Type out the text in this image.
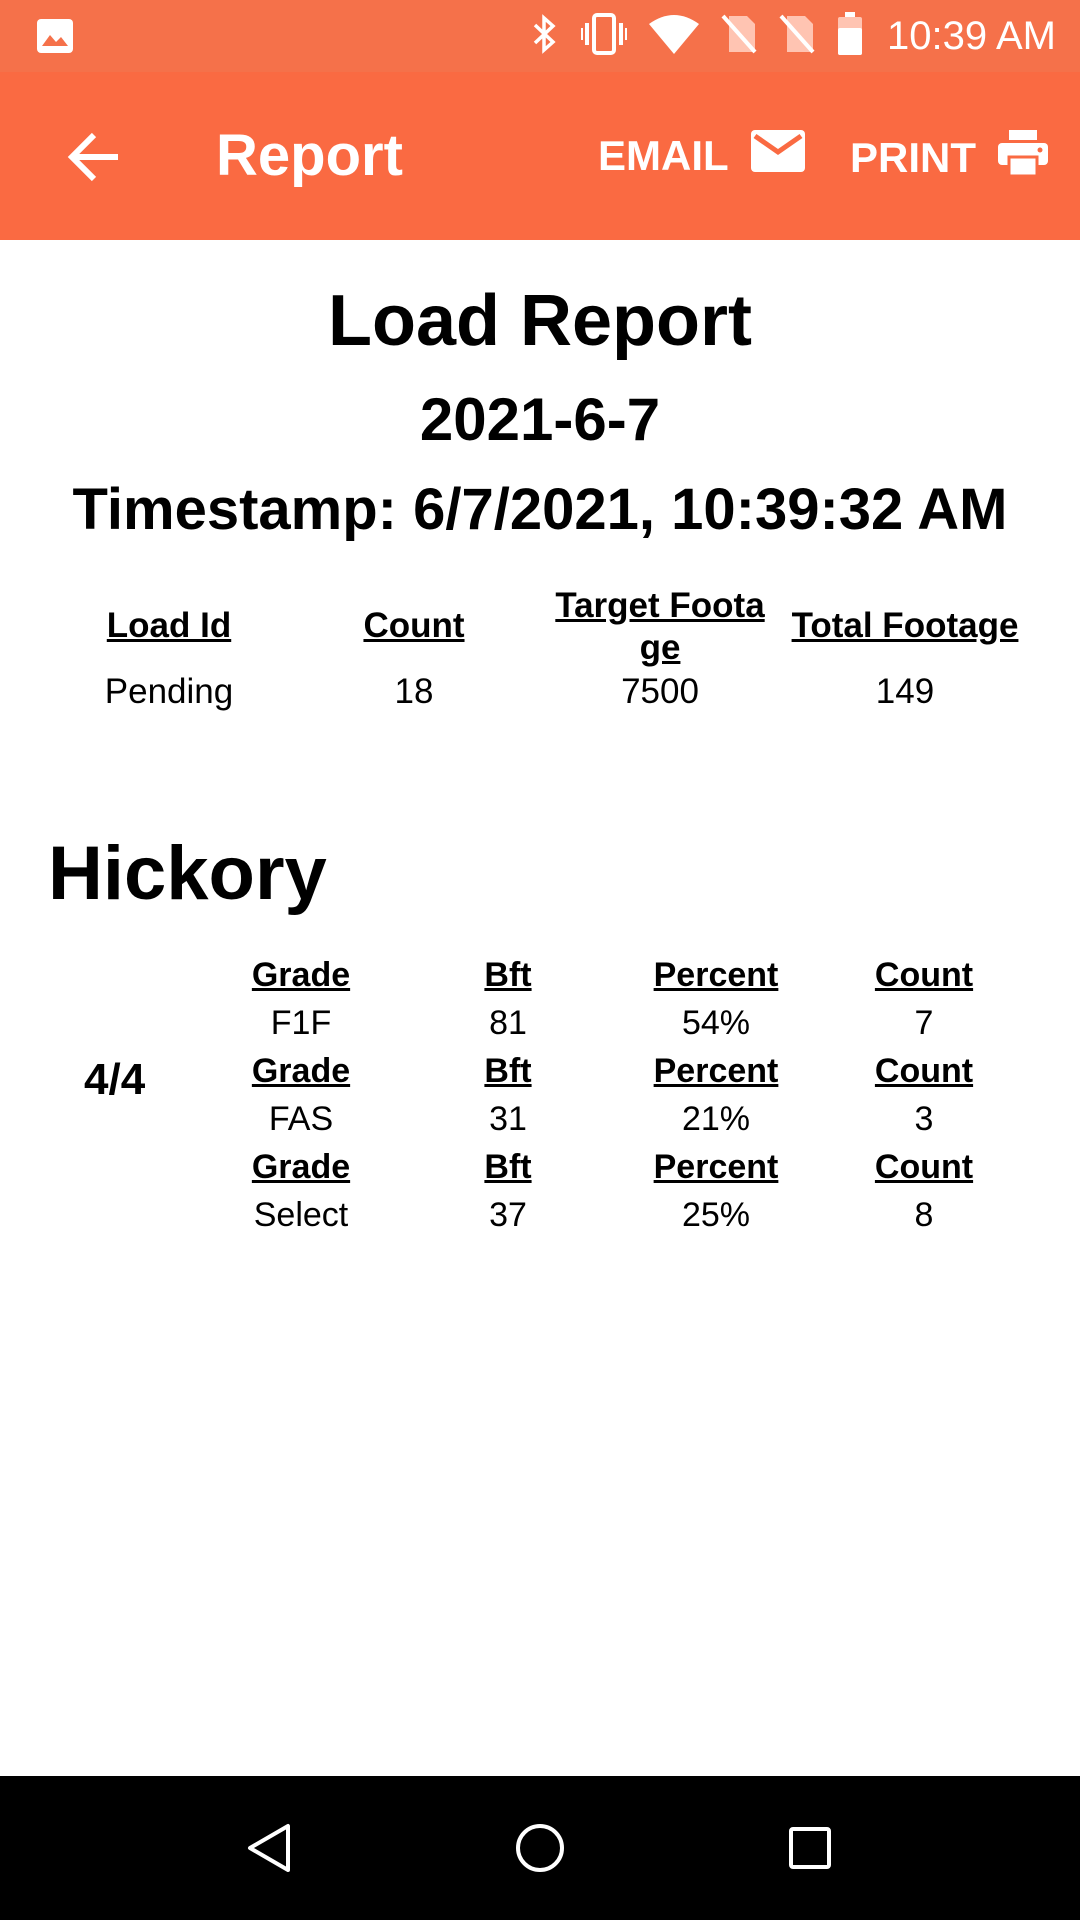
10:39 AM
Report	EMAIL	PRINT
Load Report
2021-6-7
Timestamp: 6/7/2021, 10:39:32 AM
Load Id
Pending
Count
18
Target Footage
7500
Total Footage
149
Hickory
4/4
Grade
F1F
Bft
81
Percent
54%
Count
7
Grade
FAS
Bft
31
Percent
21%
Count
3
Grade
Select
Bft
37
Percent
25%
Count
8
